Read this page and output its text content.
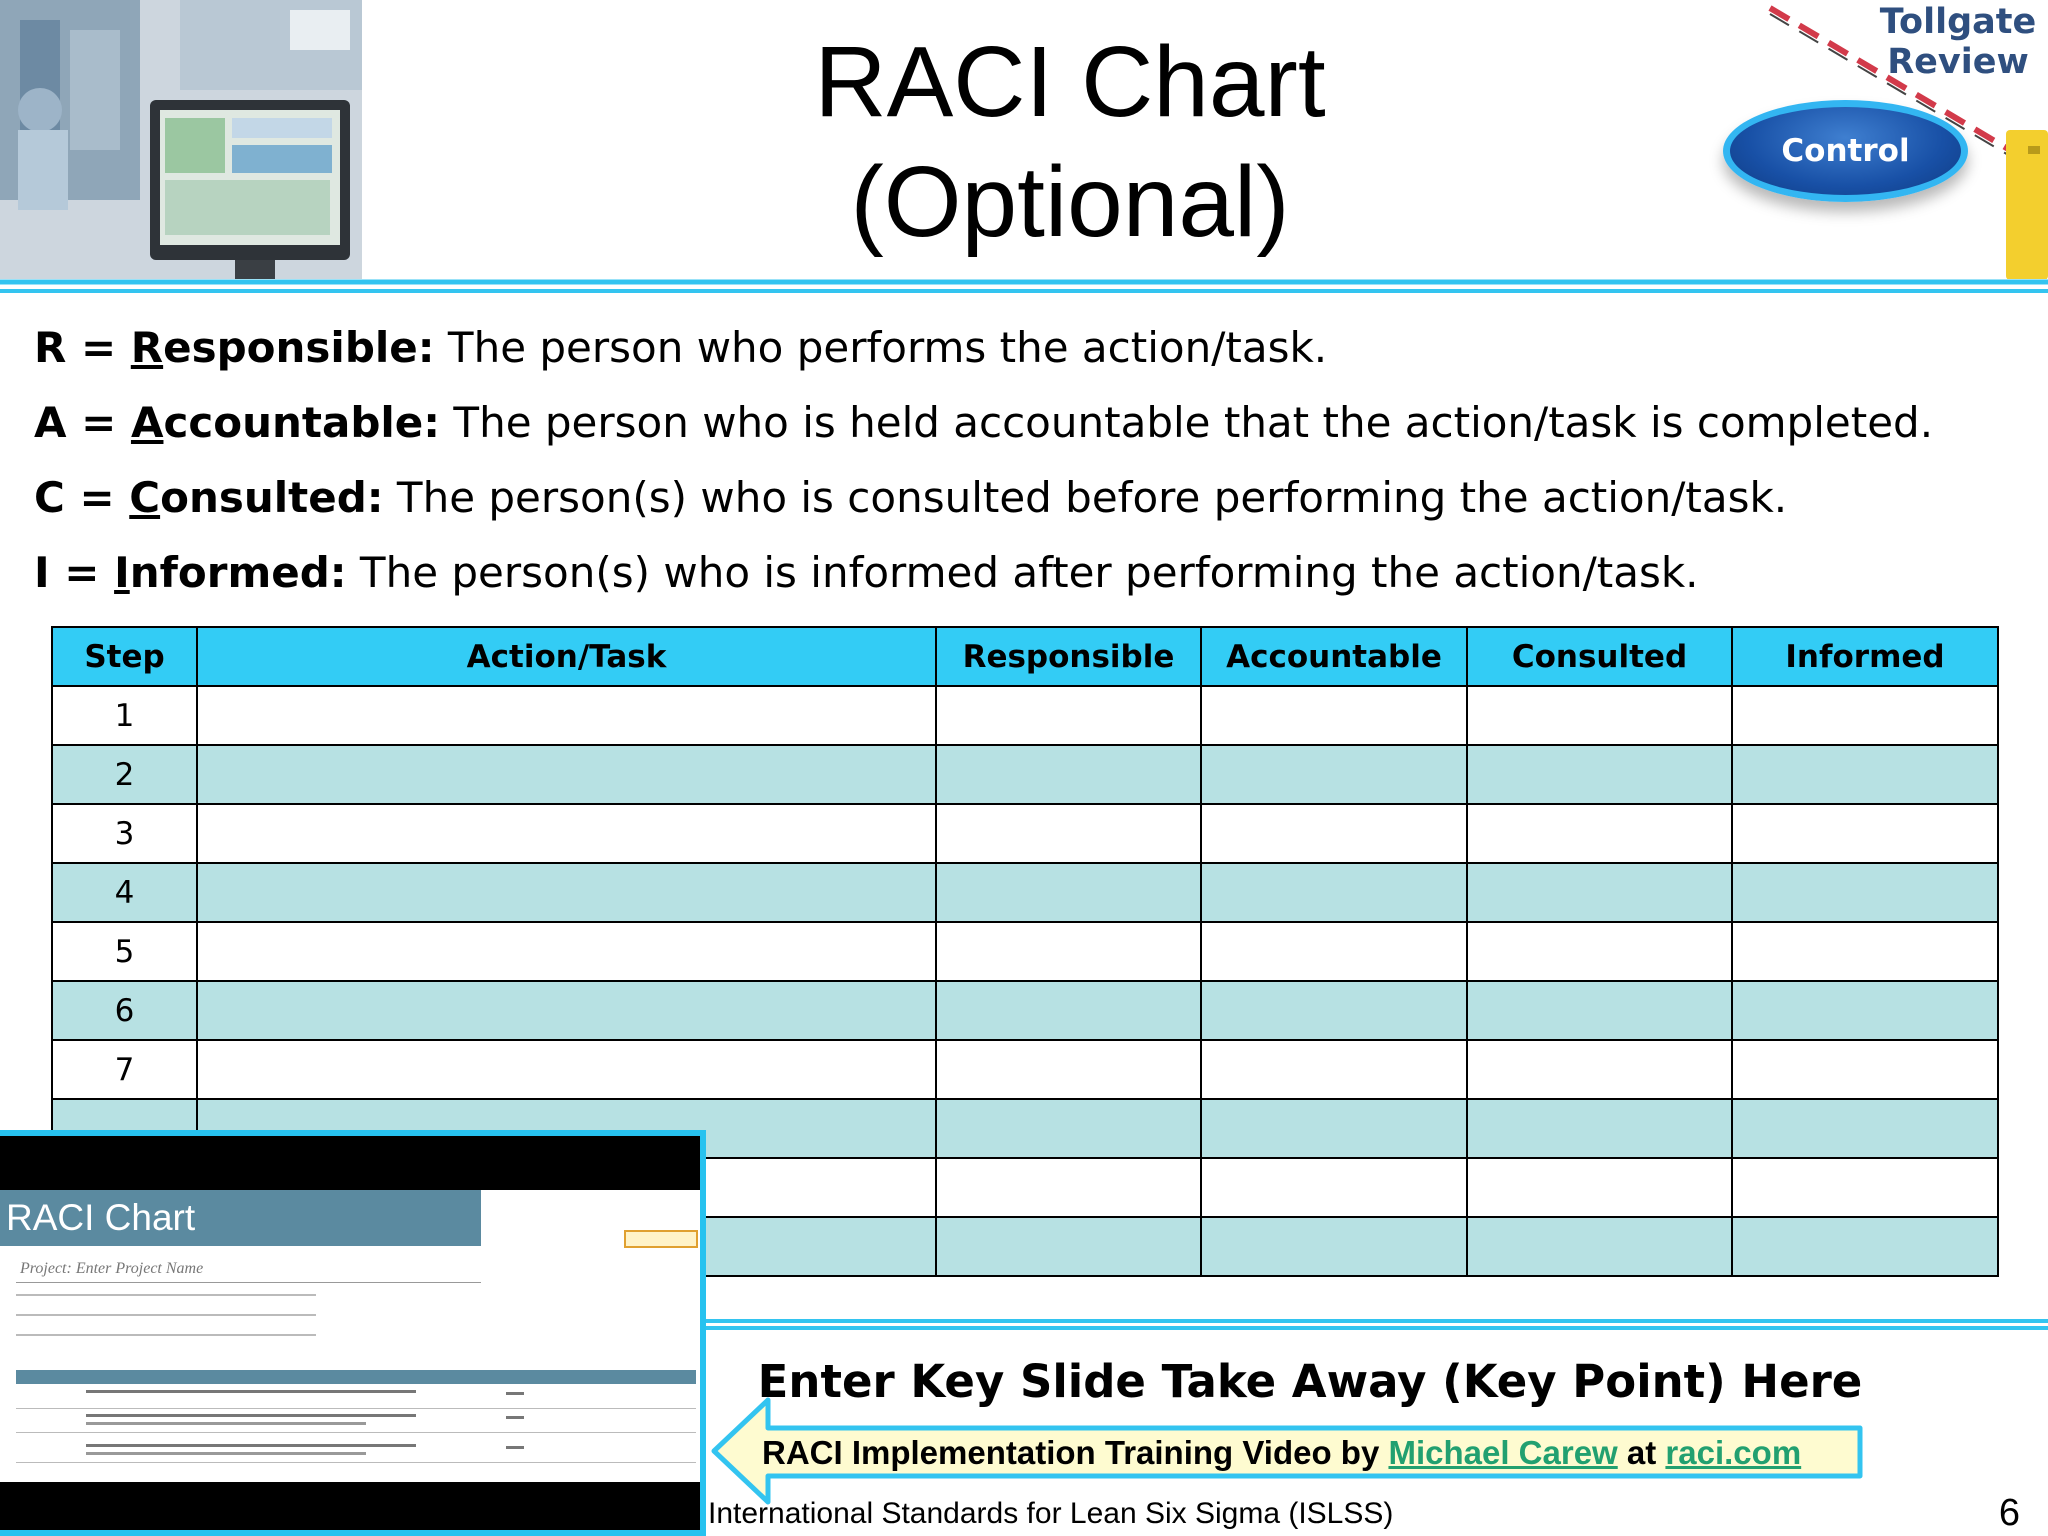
RACI Chart
(Optional)
Tollgate
Review
Control
R = Responsible: The person who performs the action/task.
A = Accountable: The person who is held accountable that the action/task is completed.
C = Consulted: The person(s) who is consulted before performing the action/task.
I = Informed: The person(s) who is informed after performing the action/task.
Step	Action/Task	Responsible	Accountable	Consulted	Informed
1					
2					
3					
4					
5					
6					
7					

RACI Chart
Project: Enter Project Name
Enter Key Slide Take Away (Key Point) Here
RACI Implementation Training Video by Michael Carew at raci.com
International Standards for Lean Six Sigma (ISLSS)	6
